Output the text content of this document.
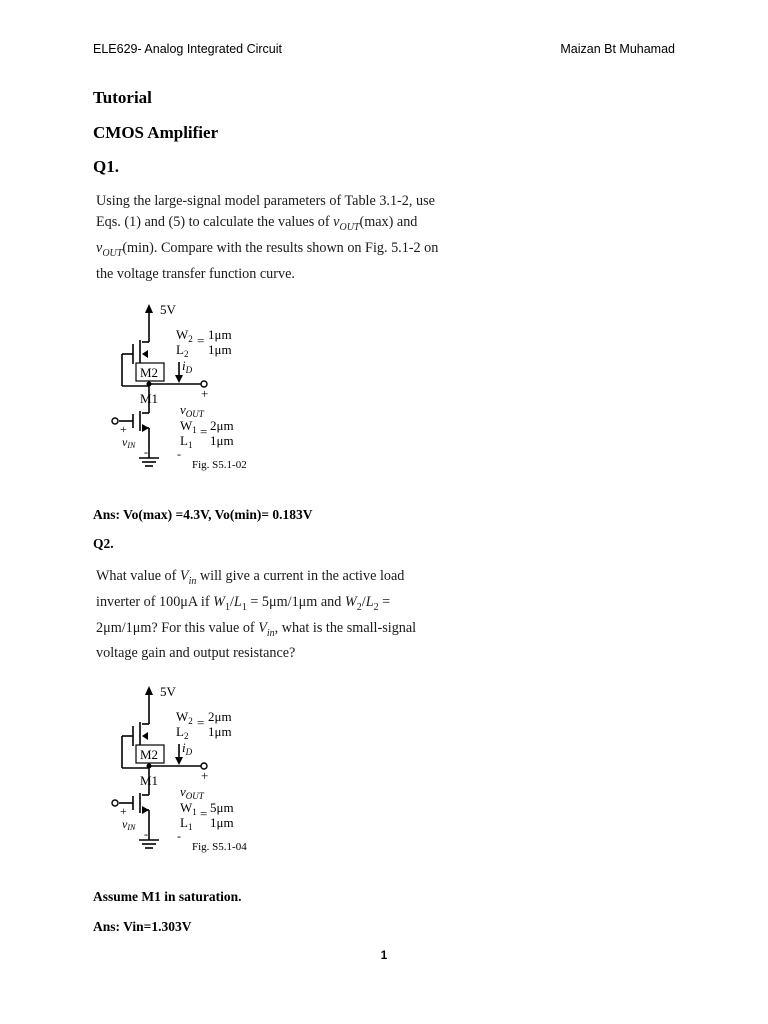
ELE629- Analog Integrated Circuit	Maizan Bt Muhamad
Tutorial
CMOS Amplifier
Q1.
Using the large-signal model parameters of Table 3.1-2, use
Eqs. (1) and (5) to calculate the values of $v_{OUT}(\max)$ and
$v_{OUT}(\min)$. Compare with the results shown on Fig. 5.1-2 on
the voltage transfer function curve.
5V
$W_2 = 1\mu m$
$L_2$ 1μm
$i_D$
M2
M1	+
$v_{OUT}$
$W_1 = 2\mu m$
$L_1$ 1μm
+
vIN - -
Fig. S5.1-02
Ans: Vo(max) =4.3V, Vo(min)= 0.183V
Q2.
What value of $V_{in}$ will give a current in the active load
inverter of 100μA if $W_1/L_1 = 5\mu m/1\mu m$ and $W_2/L_2$ =
2μm/1μm? For this value of $V_{in}$, what is the small-signal
voltage gain and output resistance?
5V
$W_2 = 2\mu m$
$L_2$ 1μm
$i_D$
M2
M1	+
$v_{OUT}$
$W_1 = 5\mu m$
$L_1$ 1μm
+
vIN - -
Fig. S5.1-04
Assume M1 in saturation.
Ans: Vin=1.303V
1
